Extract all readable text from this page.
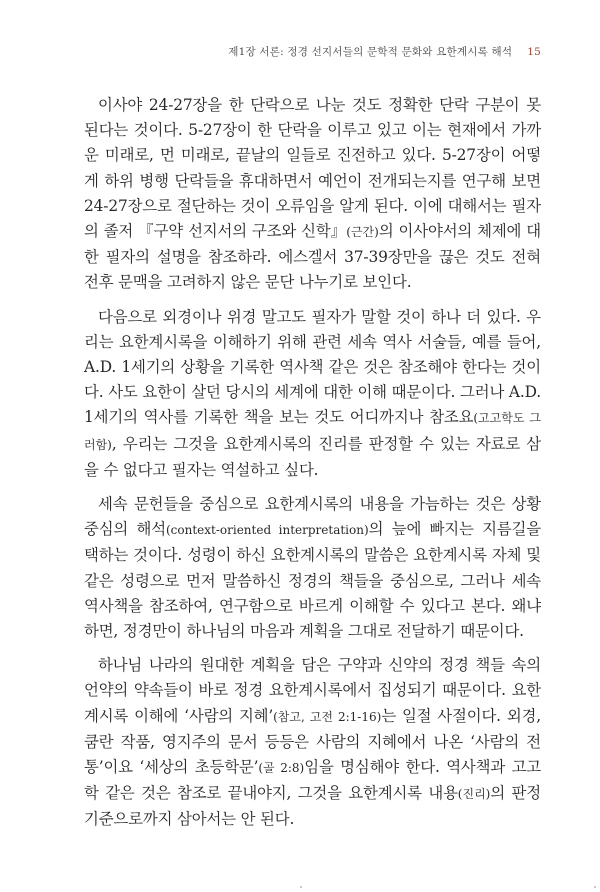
제1장 서론: 정경 선지서들의 문학적 문화와 요한계시록 해석 15

이사야 24-27장을 한 단락으로 나눈 것도 정확한 단락 구분이 못 된다는 것이다. 5-27장이 한 단락을 이루고 있고 이는 현재에서 가까운 미래로, 먼 미래로, 끝날의 일들로 진전하고 있다. 5-27장이 어떻게 하위 병행 단락들을 휴대하면서 예언이 전개되는지를 연구해 보면 24-27장으로 절단하는 것이 오류임을 알게 된다. 이에 대해서는 필자의 졸저 『구약 선지서의 구조와 신학』(근간)의 이사야서의 체제에 대한 필자의 설명을 참조하라. 에스겔서 37-39장만을 끊은 것도 전혀 전후 문맥을 고려하지 않은 문단 나누기로 보인다.

다음으로 외경이나 위경 말고도 필자가 말할 것이 하나 더 있다. 우리는 요한계시록을 이해하기 위해 관련 세속 역사 서술들, 예를 들어, A.D. 1세기의 상황을 기록한 역사책 같은 것은 참조해야 한다는 것이다. 사도 요한이 살던 당시의 세계에 대한 이해 때문이다. 그러나 A.D. 1세기의 역사를 기록한 책을 보는 것도 어디까지나 참조요(고고학도 그러함), 우리는 그것을 요한계시록의 진리를 판정할 수 있는 자료로 삼을 수 없다고 필자는 역설하고 싶다.

세속 문헌들을 중심으로 요한계시록의 내용을 가늠하는 것은 상황 중심의 해석(context-oriented interpretation)의 늪에 빠지는 지름길을 택하는 것이다. 성령이 하신 요한계시록의 말씀은 요한계시록 자체 및 같은 성령으로 먼저 말씀하신 정경의 책들을 중심으로, 그러나 세속 역사책을 참조하여, 연구함으로 바르게 이해할 수 있다고 본다. 왜냐하면, 정경만이 하나님의 마음과 계획을 그대로 전달하기 때문이다.

하나님 나라의 원대한 계획을 담은 구약과 신약의 정경 책들 속의 언약의 약속들이 바로 정경 요한계시록에서 집성되기 때문이다. 요한계시록 이해에 ‘사람의 지혜’(참고, 고전 2:1-16)는 일절 사절이다. 외경, 쿰란 작품, 영지주의 문서 등등은 사람의 지혜에서 나온 ‘사람의 전통’이요 ‘세상의 초등학문’(골 2:8)임을 명심해야 한다. 역사책과 고고학 같은 것은 참조로 끝내야지, 그것을 요한계시록 내용(진리)의 판정 기준으로까지 삼아서는 안 된다.
